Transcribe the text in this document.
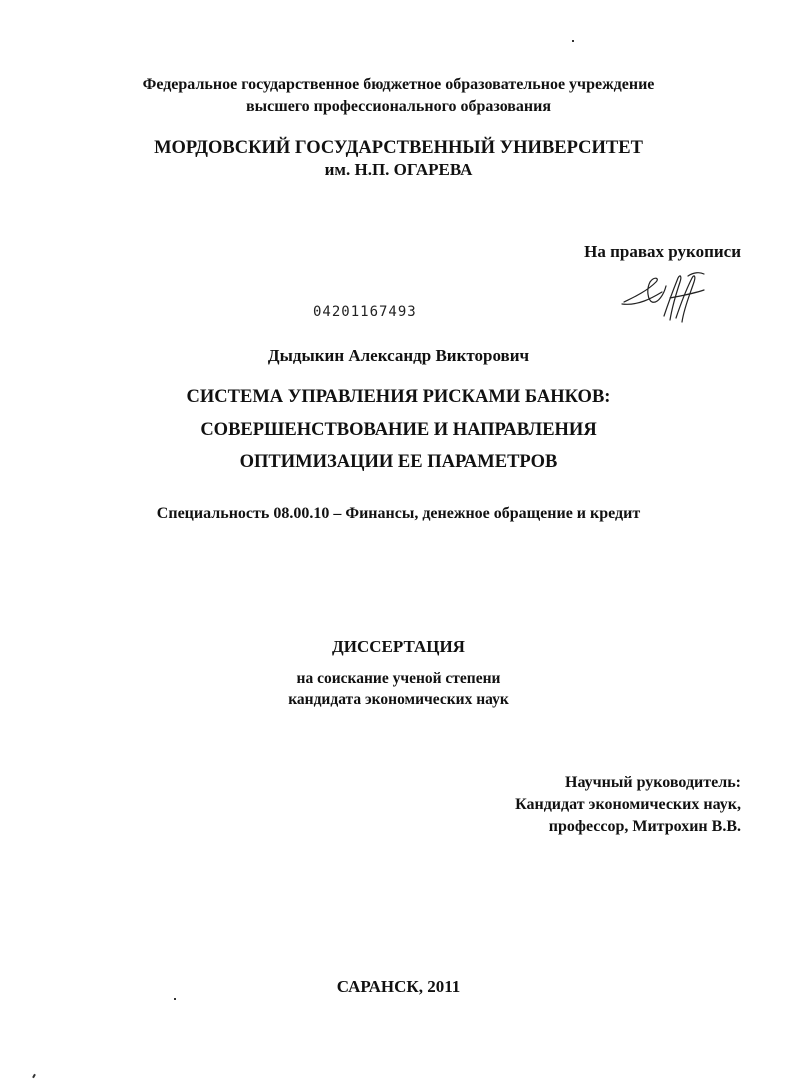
Федеральное государственное бюджетное образовательное учреждение
высшего профессионального образования
МОРДОВСКИЙ ГОСУДАРСТВЕННЫЙ УНИВЕРСИТЕТ
им. Н.П. ОГАРЕВА
На правах рукописи
04201167493
Дыдыкин Александр Викторович
СИСТЕМА УПРАВЛЕНИЯ РИСКАМИ БАНКОВ:
СОВЕРШЕНСТВОВАНИЕ И НАПРАВЛЕНИЯ
ОПТИМИЗАЦИИ ЕЕ ПАРАМЕТРОВ
Специальность 08.00.10 – Финансы, денежное обращение и кредит
ДИССЕРТАЦИЯ
на соискание ученой степени
кандидата экономических наук
Научный руководитель:
Кандидат экономических наук,
профессор, Митрохин В.В.
САРАНСК, 2011
